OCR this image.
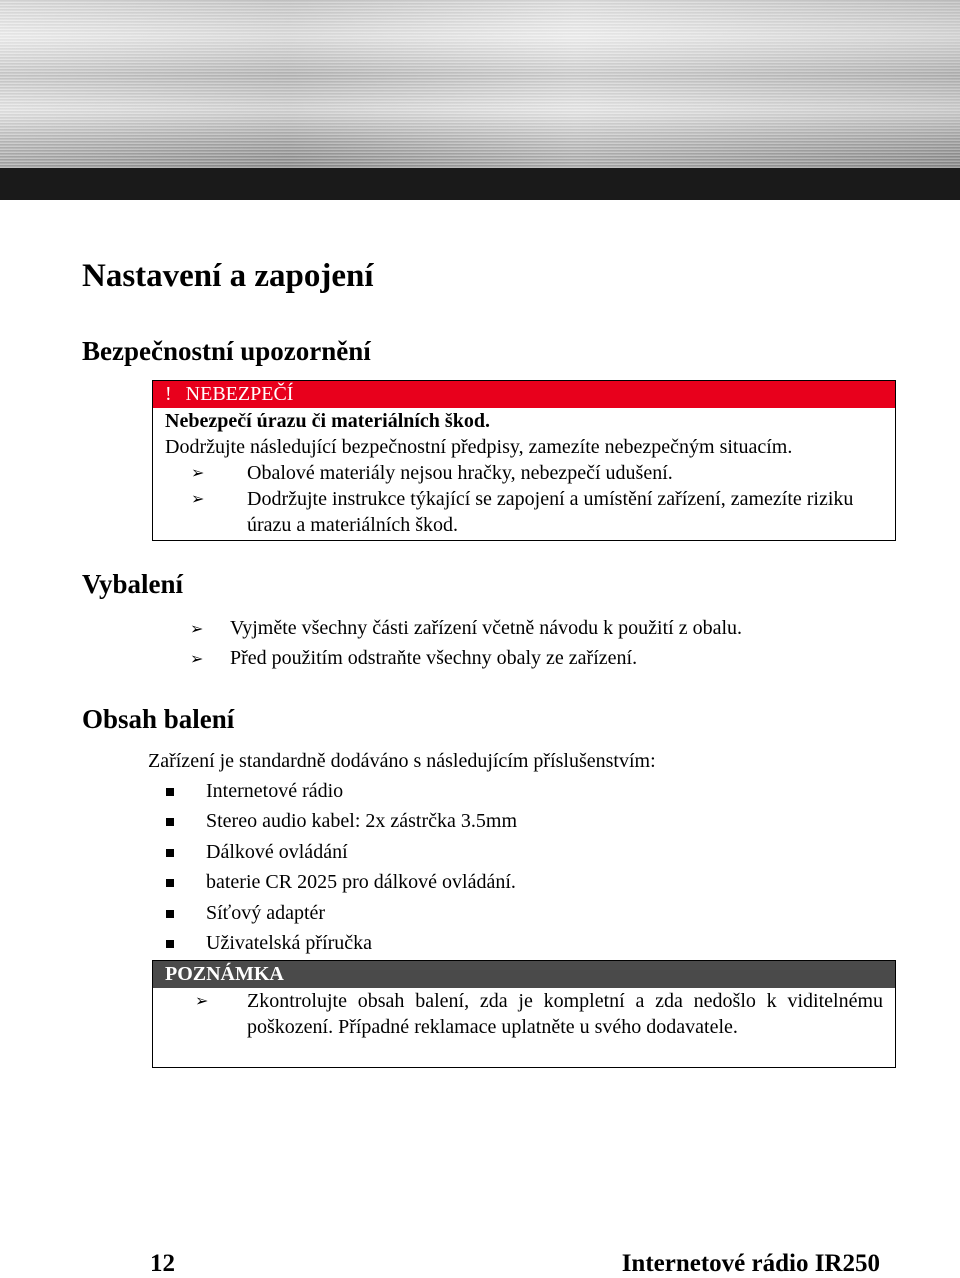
Nastavení a zapojení
Bezpečnostní upozornění
! NEBEZPEČÍ
Nebezpečí úrazu či materiálních škod.
Dodržujte následující bezpečnostní předpisy, zamezíte nebezpečným situacím.
➢ Obalové materiály nejsou hračky, nebezpečí udušení.
➢ Dodržujte instrukce týkající se zapojení a umístění zařízení, zamezíte riziku úrazu a materiálních škod.
Vybalení
➢ Vyjměte všechny části zařízení včetně návodu k použití z obalu.
➢ Před použitím odstraňte všechny obaly ze zařízení.
Obsah balení
Zařízení je standardně dodáváno s následujícím příslušenstvím:
Internetové rádio
Stereo audio kabel: 2x zástrčka 3.5mm
Dálkové ovládání
baterie CR 2025 pro dálkové ovládání.
Síťový adaptér
Uživatelská příručka
POZNÁMKA
➢ Zkontrolujte obsah balení, zda je kompletní a zda nedošlo k viditelnému poškození. Případné reklamace uplatněte u svého dodavatele.
12	Internetové rádio IR250
